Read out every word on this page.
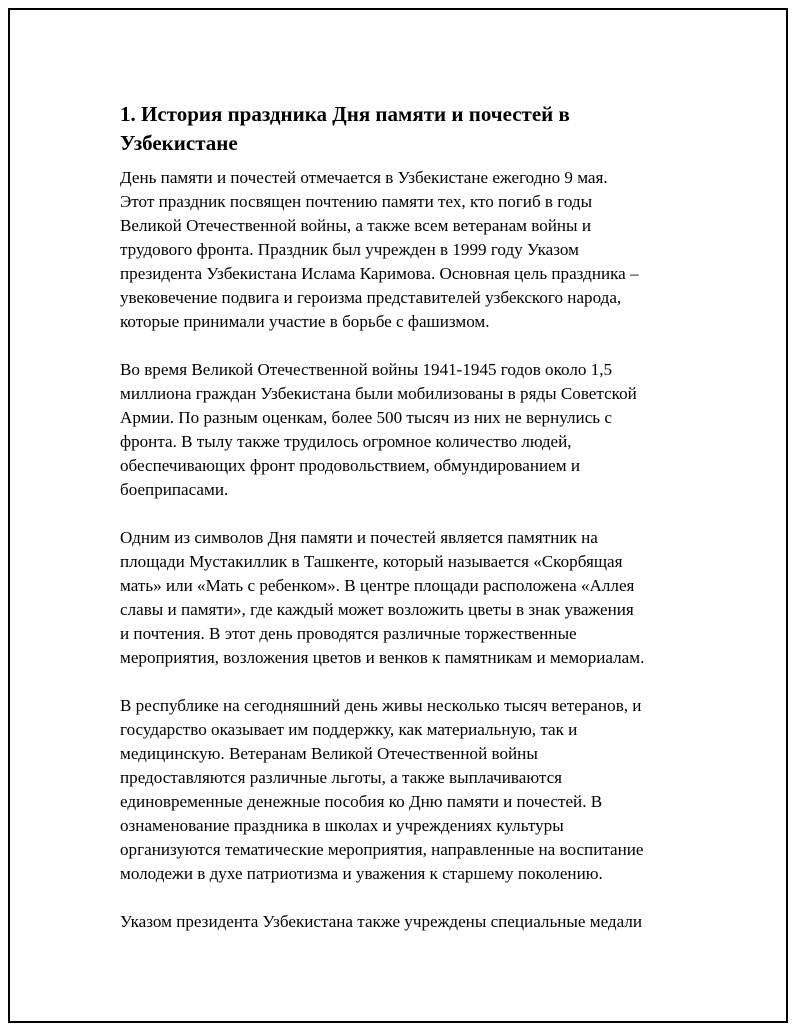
1. История праздника Дня памяти и почестей в
Узбекистане

День памяти и почестей отмечается в Узбекистане ежегодно 9 мая.
Этот праздник посвящен почтению памяти тех, кто погиб в годы
Великой Отечественной войны, а также всем ветеранам войны и
трудового фронта. Праздник был учрежден в 1999 году Указом
президента Узбекистана Ислама Каримова. Основная цель праздника –
увековечение подвига и героизма представителей узбекского народа,
которые принимали участие в борьбе с фашизмом.

Во время Великой Отечественной войны 1941-1945 годов около 1,5
миллиона граждан Узбекистана были мобилизованы в ряды Советской
Армии. По разным оценкам, более 500 тысяч из них не вернулись с
фронта. В тылу также трудилось огромное количество людей,
обеспечивающих фронт продовольствием, обмундированием и
боеприпасами.

Одним из символов Дня памяти и почестей является памятник на
площади Мустакиллик в Ташкенте, который называется «Скорбящая
мать» или «Мать с ребенком». В центре площади расположена «Аллея
славы и памяти», где каждый может возложить цветы в знак уважения
и почтения. В этот день проводятся различные торжественные
мероприятия, возложения цветов и венков к памятникам и мемориалам.

В республике на сегодняшний день живы несколько тысяч ветеранов, и
государство оказывает им поддержку, как материальную, так и
медицинскую. Ветеранам Великой Отечественной войны
предоставляются различные льготы, а также выплачиваются
единовременные денежные пособия ко Дню памяти и почестей. В
ознаменование праздника в школах и учреждениях культуры
организуются тематические мероприятия, направленные на воспитание
молодежи в духе патриотизма и уважения к старшему поколению.

Указом президента Узбекистана также учреждены специальные медали
